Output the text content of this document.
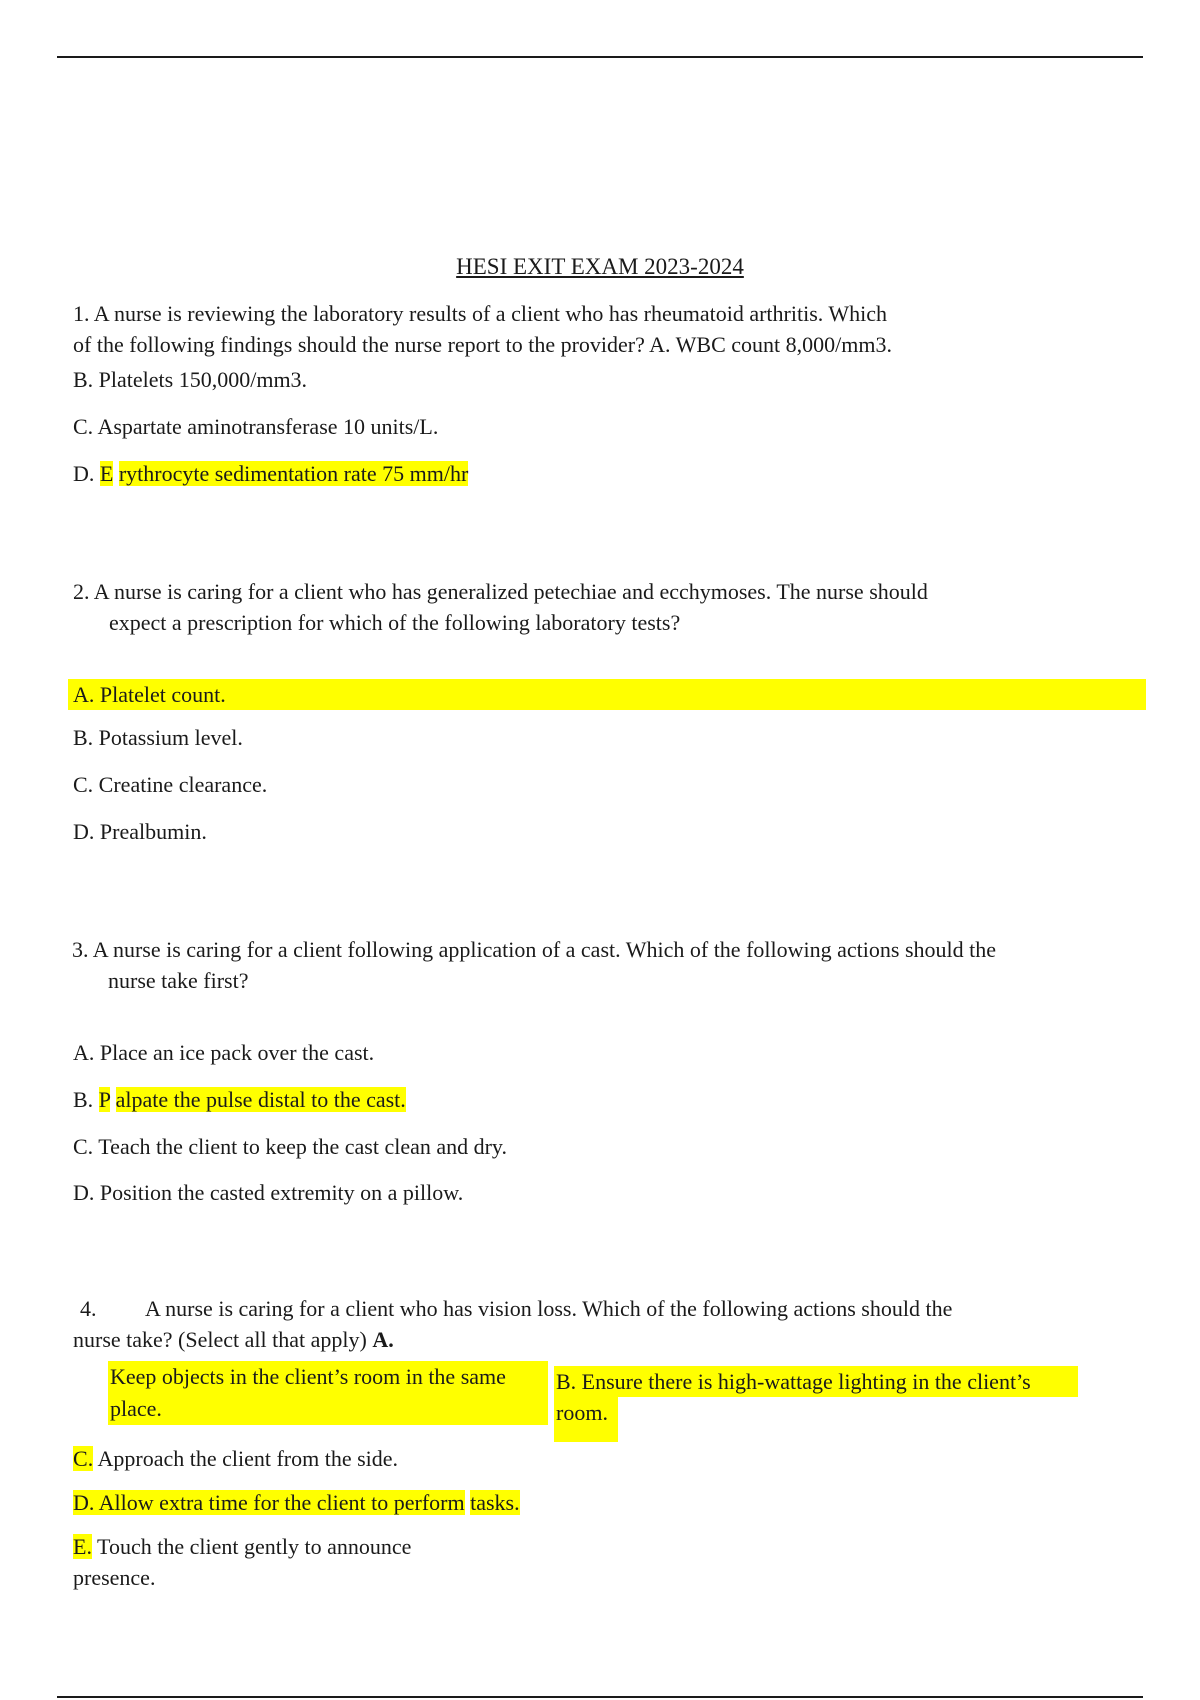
HESI EXIT EXAM 2023-2024
1. A nurse is reviewing the laboratory results of a client who has rheumatoid arthritis. Which
of the following findings should the nurse report to the provider? A. WBC count 8,000/mm3.
B. Platelets 150,000/mm3.
C. Aspartate aminotransferase 10 units/L.
D. E rythrocyte sedimentation rate 75 mm/hr
2. A nurse is caring for a client who has generalized petechiae and ecchymoses. The nurse should
expect a prescription for which of the following laboratory tests?
A. Platelet count.
B. Potassium level.
C. Creatine clearance.
D. Prealbumin.
3. A nurse is caring for a client following application of a cast. Which of the following actions should the
nurse take first?
A. Place an ice pack over the cast.
B. P alpate the pulse distal to the cast.
C. Teach the client to keep the cast clean and dry.
D. Position the casted extremity on a pillow.
4. A nurse is caring for a client who has vision loss. Which of the following actions should the
nurse take? (Select all that apply) A.
Keep objects in the client’s room in the same
place.
B. Ensure there is high-wattage lighting in the client’s
room.
C. Approach the client from the side.
D. Allow extra time for the client to perform tasks.
E. Touch the client gently to announce
presence.
